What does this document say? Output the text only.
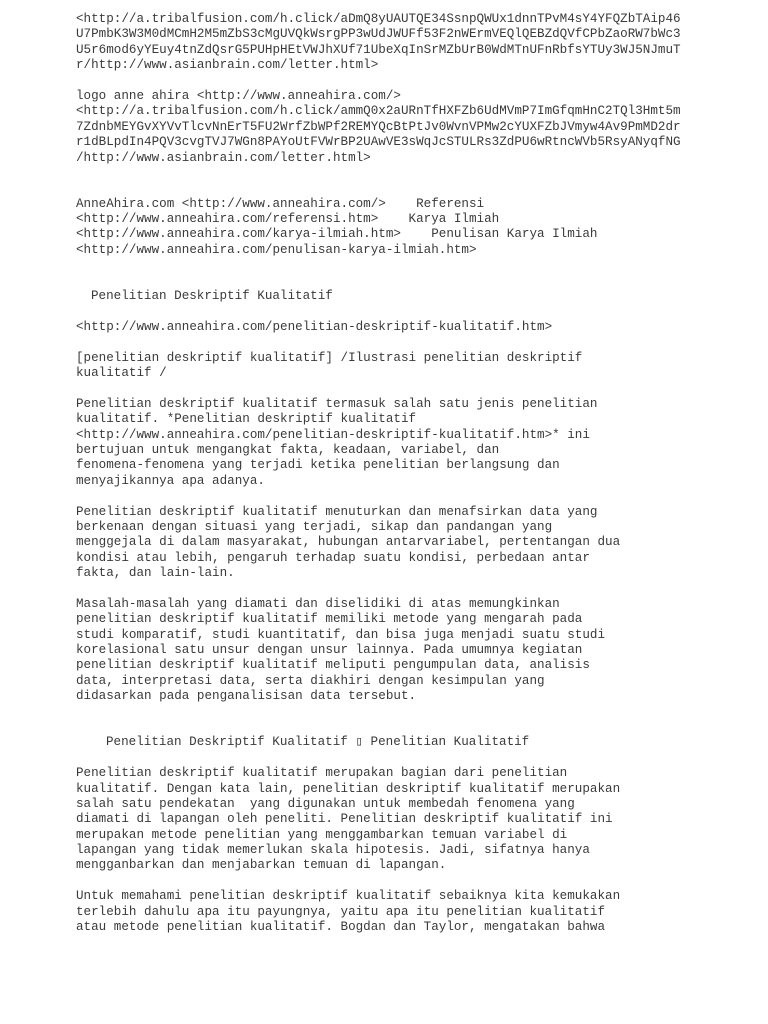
<http://a.tribalfusion.com/h.click/aDmQ8yUAUTQE34SsnpQWUx1dnnTPvM4sY4YFQZbTAip46
U7PmbK3W3M0dMCmH2M5mZbS3cMgUVQkWsrgPP3wUdJWUFf53F2nWErmVEQlQEBZdQVfCPbZaoRW7bWc3
U5r6mod6yYEuy4tnZdQsrG5PUHpHEtVWJhXUf71UbeXqInSrMZbUrB0WdMTnUFnRbfsYTUy3WJ5NJmuT
r/http://www.asianbrain.com/letter.html>
logo anne ahira <http://www.anneahira.com/>
<http://a.tribalfusion.com/h.click/ammQ0x2aURnTfHXFZb6UdMVmP7ImGfqmHnC2TQl3Hmt5m
7ZdnbMEYGvXYVvTlcvNnErT5FU2WrfZbWPf2REMYQcBtPtJv0WvnVPMw2cYUXFZbJVmyw4Av9PmMD2dr
r1dBLpdIn4PQV3cvgTVJ7WGn8PAYoUtFVWrBP2UAwVE3sWqJcSTULRs3ZdPU6wRtncWVb5RsyANyqfNG
/http://www.asianbrain.com/letter.html>
AnneAhira.com <http://www.anneahira.com/>    Referensi
<http://www.anneahira.com/referensi.htm>    Karya Ilmiah
<http://www.anneahira.com/karya-ilmiah.htm>    Penulisan Karya Ilmiah
<http://www.anneahira.com/penulisan-karya-ilmiah.htm>
Penelitian Deskriptif Kualitatif
<http://www.anneahira.com/penelitian-deskriptif-kualitatif.htm>
[penelitian deskriptif kualitatif] /Ilustrasi penelitian deskriptif
kualitatif /
Penelitian deskriptif kualitatif termasuk salah satu jenis penelitian
kualitatif. *Penelitian deskriptif kualitatif
<http://www.anneahira.com/penelitian-deskriptif-kualitatif.htm>* ini
bertujuan untuk mengangkat fakta, keadaan, variabel, dan
fenomena-fenomena yang terjadi ketika penelitian berlangsung dan
menyajikannya apa adanya.
Penelitian deskriptif kualitatif menuturkan dan menafsirkan data yang
berkenaan dengan situasi yang terjadi, sikap dan pandangan yang
menggejala di dalam masyarakat, hubungan antarvariabel, pertentangan dua
kondisi atau lebih, pengaruh terhadap suatu kondisi, perbedaan antar
fakta, dan lain-lain.
Masalah-masalah yang diamati dan diselidiki di atas memungkinkan
penelitian deskriptif kualitatif memiliki metode yang mengarah pada
studi komparatif, studi kuantitatif, dan bisa juga menjadi suatu studi
korelasional satu unsur dengan unsur lainnya. Pada umumnya kegiatan
penelitian deskriptif kualitatif meliputi pengumpulan data, analisis
data, interpretasi data, serta diakhiri dengan kesimpulan yang
didasarkan pada penganalisisan data tersebut.
Penelitian Deskriptif Kualitatif ▯ Penelitian Kualitatif
Penelitian deskriptif kualitatif merupakan bagian dari penelitian
kualitatif. Dengan kata lain, penelitian deskriptif kualitatif merupakan
salah satu pendekatan  yang digunakan untuk membedah fenomena yang
diamati di lapangan oleh peneliti. Penelitian deskriptif kualitatif ini
merupakan metode penelitian yang menggambarkan temuan variabel di
lapangan yang tidak memerlukan skala hipotesis. Jadi, sifatnya hanya
mengganbarkan dan menjabarkan temuan di lapangan.
Untuk memahami penelitian deskriptif kualitatif sebaiknya kita kemukakan
terlebih dahulu apa itu payungnya, yaitu apa itu penelitian kualitatif
atau metode penelitian kualitatif. Bogdan dan Taylor, mengatakan bahwa
